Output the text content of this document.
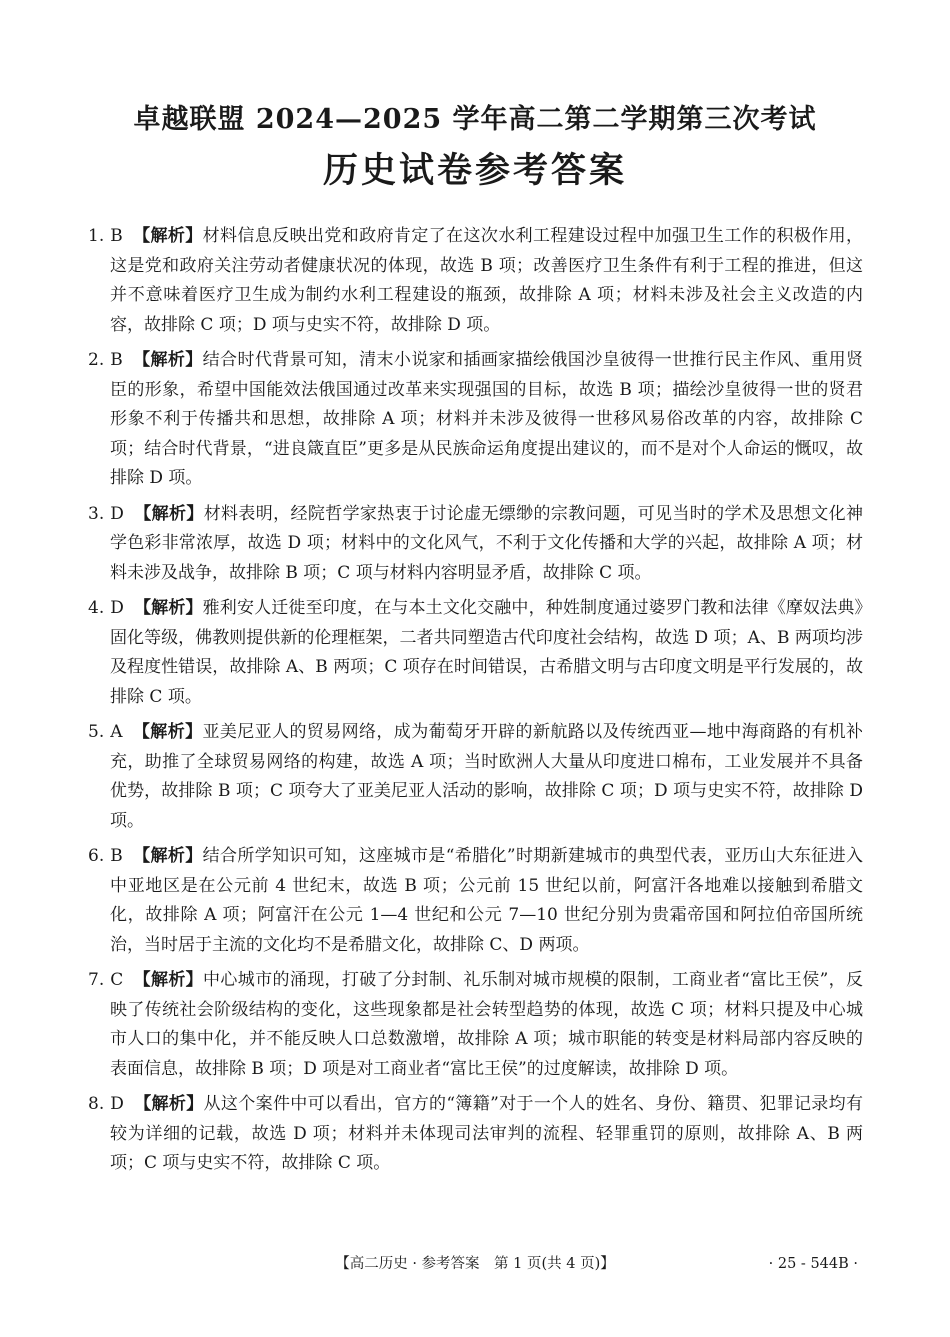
卓越联盟 2024—2025 学年高二第二学期第三次考试
历史试卷参考答案
1. B 【解析】材料信息反映出党和政府肯定了在这次水利工程建设过程中加强卫生工作的积极作用，这是党和政府关注劳动者健康状况的体现，故选 B 项；改善医疗卫生条件有利于工程的推进，但这并不意味着医疗卫生成为制约水利工程建设的瓶颈，故排除 A 项；材料未涉及社会主义改造的内容，故排除 C 项；D 项与史实不符，故排除 D 项。
2. B 【解析】结合时代背景可知，清末小说家和插画家描绘俄国沙皇彼得一世推行民主作风、重用贤臣的形象，希望中国能效法俄国通过改革来实现强国的目标，故选 B 项；描绘沙皇彼得一世的贤君形象不利于传播共和思想，故排除 A 项；材料并未涉及彼得一世移风易俗改革的内容，故排除 C 项；结合时代背景，“进良箴直臣”更多是从民族命运角度提出建议的，而不是对个人命运的慨叹，故排除 D 项。
3. D 【解析】材料表明，经院哲学家热衷于讨论虚无缥缈的宗教问题，可见当时的学术及思想文化神学色彩非常浓厚，故选 D 项；材料中的文化风气，不利于文化传播和大学的兴起，故排除 A 项；材料未涉及战争，故排除 B 项；C 项与材料内容明显矛盾，故排除 C 项。
4. D 【解析】雅利安人迁徙至印度，在与本土文化交融中，种姓制度通过婆罗门教和法律《摩奴法典》固化等级，佛教则提供新的伦理框架，二者共同塑造古代印度社会结构，故选 D 项；A、B 两项均涉及程度性错误，故排除 A、B 两项；C 项存在时间错误，古希腊文明与古印度文明是平行发展的，故排除 C 项。
5. A 【解析】亚美尼亚人的贸易网络，成为葡萄牙开辟的新航路以及传统西亚—地中海商路的有机补充，助推了全球贸易网络的构建，故选 A 项；当时欧洲人大量从印度进口棉布，工业发展并不具备优势，故排除 B 项；C 项夸大了亚美尼亚人活动的影响，故排除 C 项；D 项与史实不符，故排除 D 项。
6. B 【解析】结合所学知识可知，这座城市是“希腊化”时期新建城市的典型代表，亚历山大东征进入中亚地区是在公元前 4 世纪末，故选 B 项；公元前 15 世纪以前，阿富汗各地难以接触到希腊文化，故排除 A 项；阿富汗在公元 1—4 世纪和公元 7—10 世纪分别为贵霜帝国和阿拉伯帝国所统治，当时居于主流的文化均不是希腊文化，故排除 C、D 两项。
7. C 【解析】中心城市的涌现，打破了分封制、礼乐制对城市规模的限制，工商业者“富比王侯”，反映了传统社会阶级结构的变化，这些现象都是社会转型趋势的体现，故选 C 项；材料只提及中心城市人口的集中化，并不能反映人口总数激增，故排除 A 项；城市职能的转变是材料局部内容反映的表面信息，故排除 B 项；D 项是对工商业者“富比王侯”的过度解读，故排除 D 项。
8. D 【解析】从这个案件中可以看出，官方的“簿籍”对于一个人的姓名、身份、籍贯、犯罪记录均有较为详细的记载，故选 D 项；材料并未体现司法审判的流程、轻罪重罚的原则，故排除 A、B 两项；C 项与史实不符，故排除 C 项。
【高二历史 · 参考答案　第 1 页(共 4 页)】	· 25 - 544B ·
